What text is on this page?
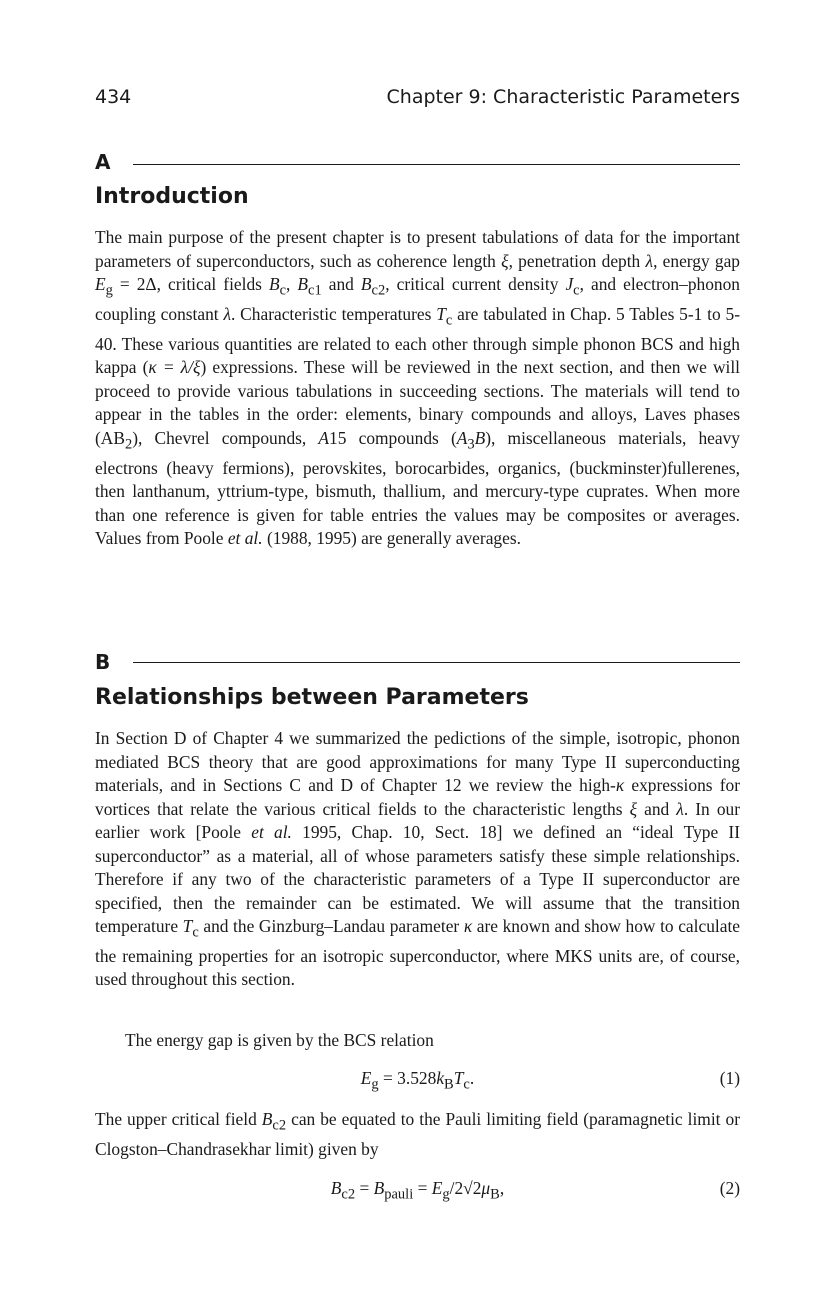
434	Chapter 9: Characteristic Parameters
A
Introduction

The main purpose of the present chapter is to present tabulations of data for the important parameters of superconductors, such as coherence length ξ, penetration depth λ, energy gap $E_g = 2\Delta$, critical fields $B_c$, $B_{c1}$ and $B_{c2}$, critical current density $J_c$, and electron–phonon coupling constant λ. Characteristic temperatures $T_c$ are tabulated in Chap. 5 Tables 5-1 to 5-40. These various quantities are related to each other through simple phonon BCS and high kappa (κ = λ/ξ) expressions. These will be reviewed in the next section, and then we will proceed to provide various tabulations in succeeding sections. The materials will tend to appear in the tables in the order: elements, binary compounds and alloys, Laves phases $(AB_2)$, Chevrel compounds, A15 compounds $(A_3B)$, miscellaneous materials, heavy electrons (heavy fermions), perovskites, borocarbides, organics, (buckminster)fullerenes, then lanthanum, yttrium-type, bismuth, thallium, and mercury-type cuprates. When more than one reference is given for table entries the values may be composites or averages. Values from Poole et al. (1988, 1995) are generally averages.

B
Relationships between Parameters

In Section D of Chapter 4 we summarized the pedictions of the simple, isotropic, phonon mediated BCS theory that are good approximations for many Type II superconducting materials, and in Sections C and D of Chapter 12 we review the high-κ expressions for vortices that relate the various critical fields to the characteristic lengths ξ and λ. In our earlier work [Poole et al. 1995, Chap. 10, Sect. 18] we defined an “ideal Type II superconductor” as a material, all of whose parameters satisfy these simple relationships. Therefore if any two of the characteristic parameters of a Type II superconductor are specified, then the remainder can be estimated. We will assume that the transition temperature $T_c$ and the Ginzburg–Landau parameter κ are known and show how to calculate the remaining properties for an isotropic superconductor, where MKS units are, of course, used throughout this section.

The energy gap is given by the BCS relation

$E_g = 3.528k_BT_c$.	(1)

The upper critical field $B_{c2}$ can be equated to the Pauli limiting field (paramagnetic limit or Clogston–Chandrasekhar limit) given by

$B_{c2} = B_{pauli} = E_g/2√2\mu_B$,	(2)
